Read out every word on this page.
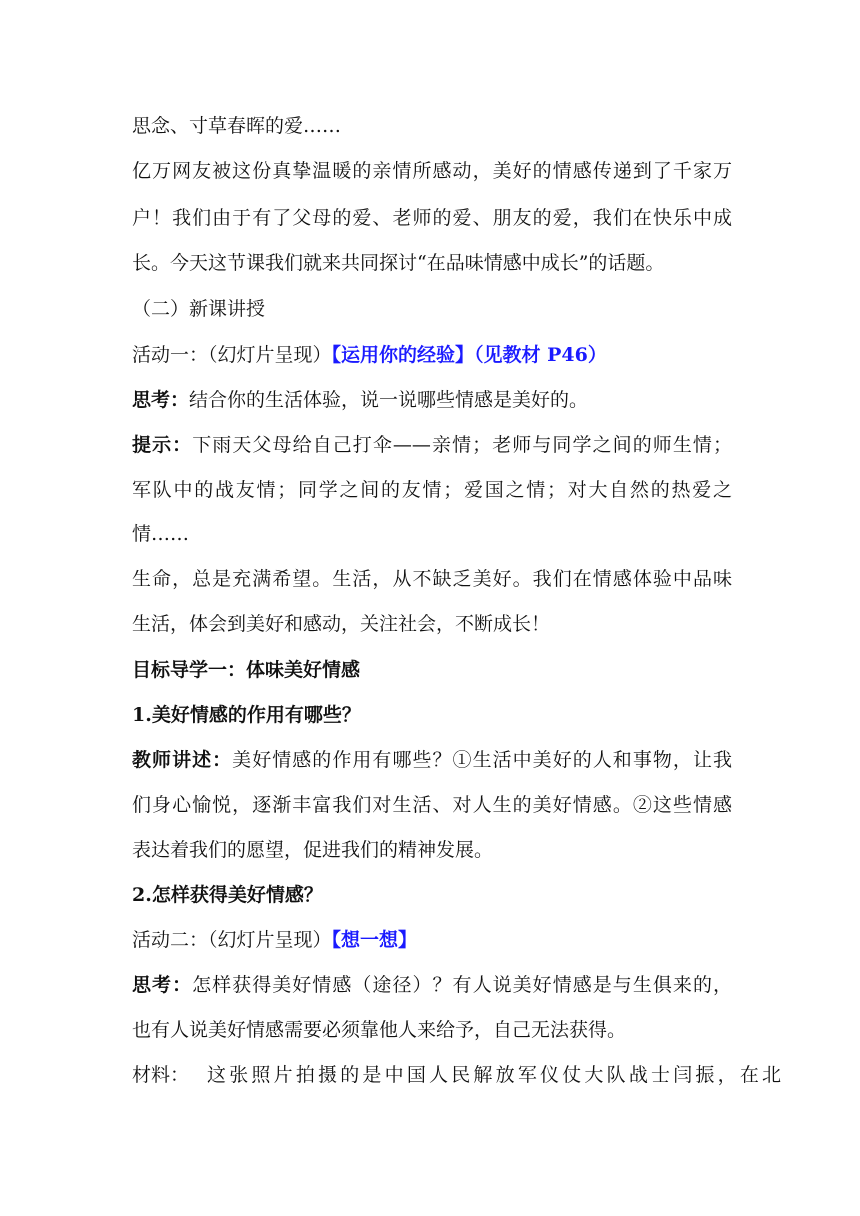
思念、寸草春晖的爱……
亿万网友被这份真挚温暖的亲情所感动，美好的情感传递到了千家万
户！我们由于有了父母的爱、老师的爱、朋友的爱，我们在快乐中成
长。今天这节课我们就来共同探讨“在品味情感中成长”的话题。
（二）新课讲授
活动一：（幻灯片呈现）【运用你的经验】（见教材 P46）
思考：结合你的生活体验，说一说哪些情感是美好的。
提示：下雨天父母给自己打伞——亲情；老师与同学之间的师生情；
军队中的战友情；同学之间的友情；爱国之情；对大自然的热爱之
情……
生命，总是充满希望。生活，从不缺乏美好。我们在情感体验中品味
生活，体会到美好和感动，关注社会，不断成长！
目标导学一：体味美好情感
1.美好情感的作用有哪些？
教师讲述：美好情感的作用有哪些？①生活中美好的人和事物，让我
们身心愉悦，逐渐丰富我们对生活、对人生的美好情感。②这些情感
表达着我们的愿望，促进我们的精神发展。
2.怎样获得美好情感？
活动二：（幻灯片呈现）【想一想】
思考：怎样获得美好情感（途径）？有人说美好情感是与生俱来的，
也有人说美好情感需要必须靠他人来给予，自己无法获得。
材料： 这张照片拍摄的是中国人民解放军仪仗大队战士闫振，在北
